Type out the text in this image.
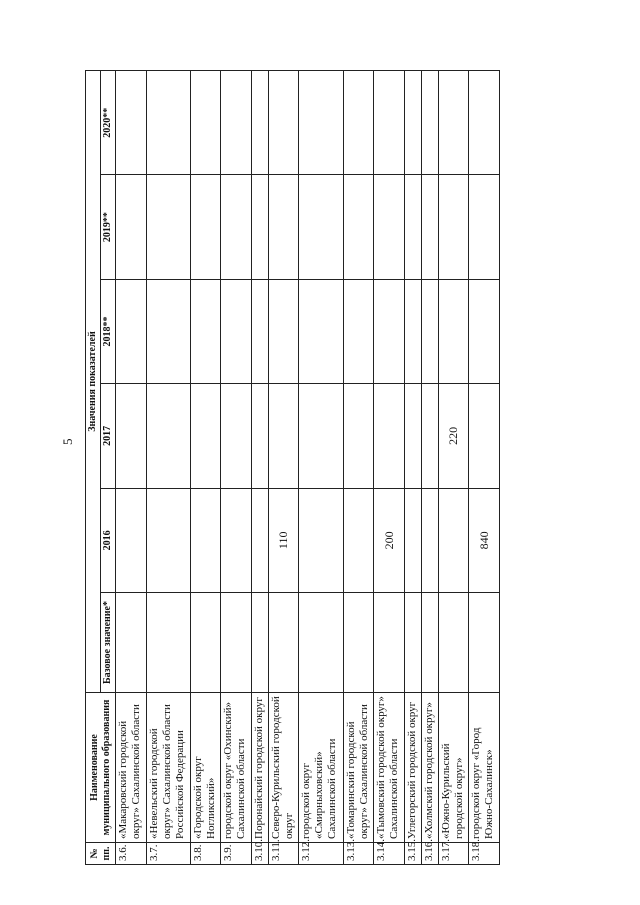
5
№ пп.	Наименование муниципального образования	Значения показателей					
		Базовое значение*	2016	2017	2018**	2019**	2020**
3.6.	«Макаровский городской округ» Сахалинской области						
3.7.	«Невельский городской округ» Сахалинской области Российской Федерации						
3.8.	«Городской округ Ногликский»						
3.9.	городской округ «Охинский» Сахалинской области						
3.10.	Поронайский городской округ						
3.11.	Северо-Курильский городской округ		110				
3.12.	городской округ «Смирныховский» Сахалинской области						
3.13.	«Томаринский городской округ» Сахалинской области						
3.14.	«Тымовский городской округ» Сахалинской области		200				
3.15.	Углегорский городской округ						
3.16.	«Холмский городской округ»						
3.17.	«Южно-Курильский городской округ»			220			
3.18.	городской округ «Город Южно-Сахалинск»		840				
